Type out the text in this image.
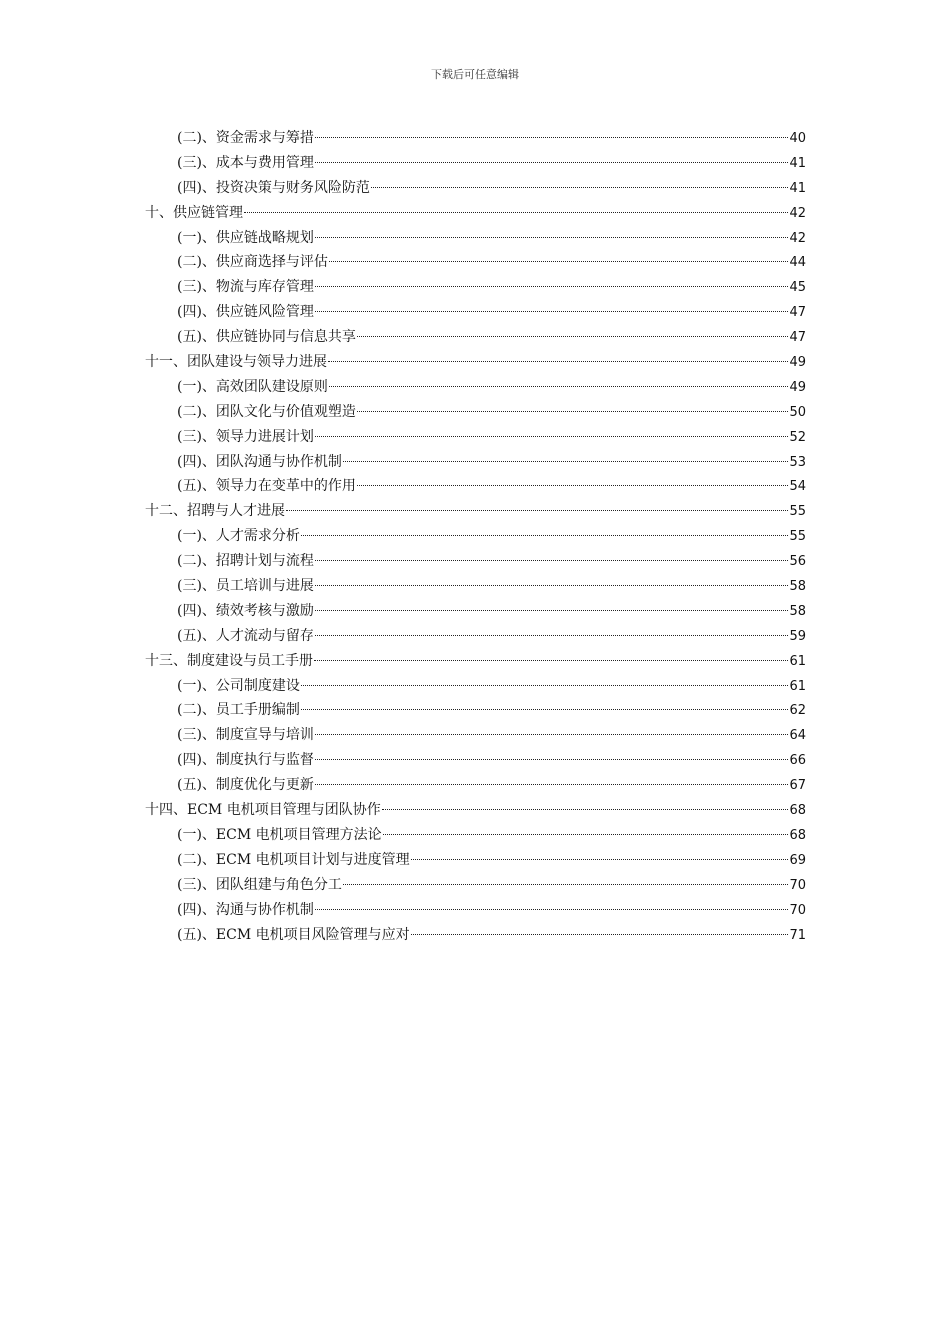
下载后可任意编辑
(二)、资金需求与筹措	40
(三)、成本与费用管理	41
(四)、投资决策与财务风险防范	41
十、供应链管理	42
(一)、供应链战略规划	42
(二)、供应商选择与评估	44
(三)、物流与库存管理	45
(四)、供应链风险管理	47
(五)、供应链协同与信息共享	47
十一、团队建设与领导力进展	49
(一)、高效团队建设原则	49
(二)、团队文化与价值观塑造	50
(三)、领导力进展计划	52
(四)、团队沟通与协作机制	53
(五)、领导力在变革中的作用	54
十二、招聘与人才进展	55
(一)、人才需求分析	55
(二)、招聘计划与流程	56
(三)、员工培训与进展	58
(四)、绩效考核与激励	58
(五)、人才流动与留存	59
十三、制度建设与员工手册	61
(一)、公司制度建设	61
(二)、员工手册编制	62
(三)、制度宣导与培训	64
(四)、制度执行与监督	66
(五)、制度优化与更新	67
十四、ECM 电机项目管理与团队协作	68
(一)、ECM 电机项目管理方法论	68
(二)、ECM 电机项目计划与进度管理	69
(三)、团队组建与角色分工	70
(四)、沟通与协作机制	70
(五)、ECM 电机项目风险管理与应对	71
